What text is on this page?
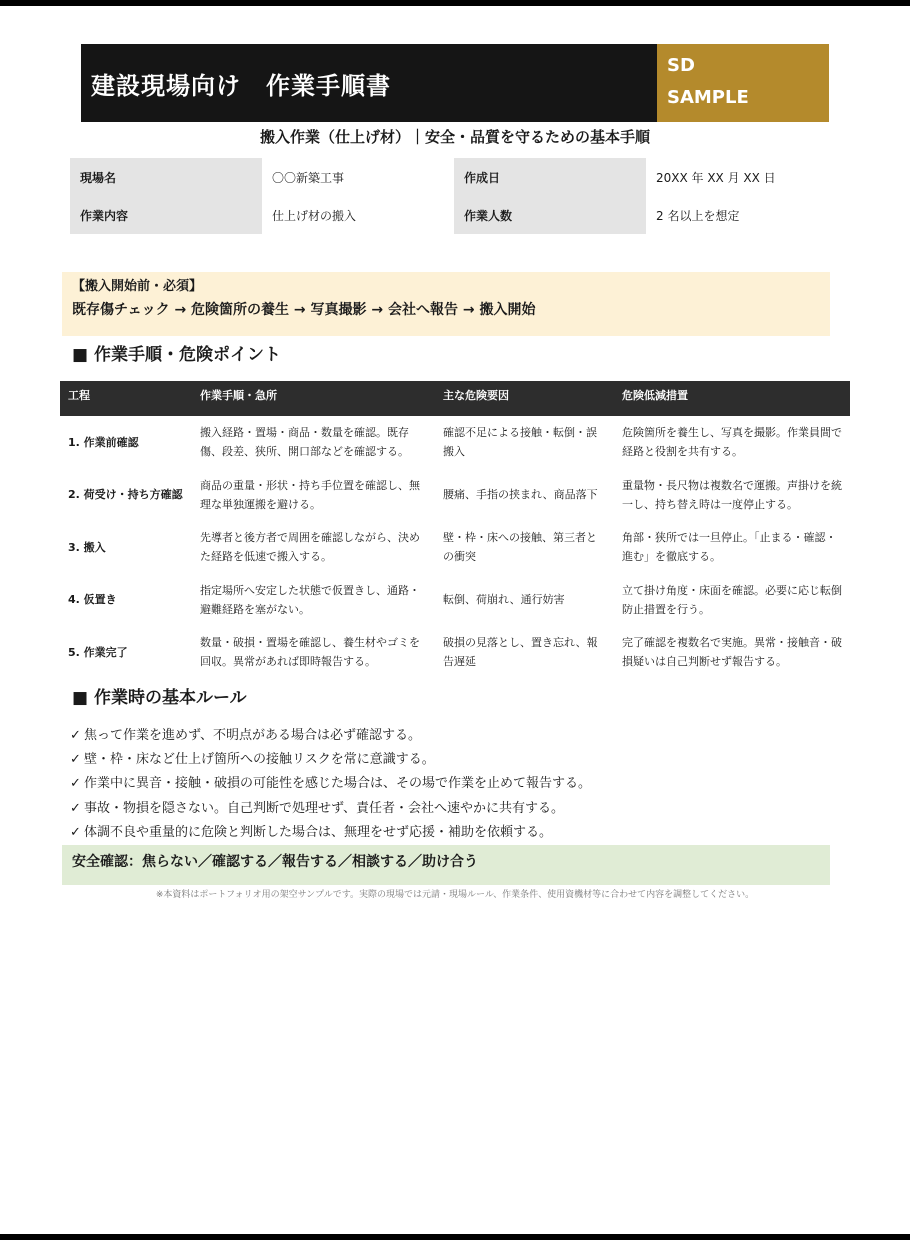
建設現場向け　作業手順書
SD
SAMPLE
搬入作業（仕上げ材）｜安全・品質を守るための基本手順
現場名	〇〇新築工事	作成日	20XX 年 XX 月 XX 日
作業内容	仕上げ材の搬入	作業人数	2 名以上を想定
【搬入開始前・必須】
既存傷チェック → 危険箇所の養生 → 写真撮影 → 会社へ報告 → 搬入開始
■ 作業手順・危険ポイント
工程	作業手順・急所	主な危険要因	危険低減措置
1. 作業前確認	搬入経路・置場・商品・数量を確認。既存傷、段差、狭所、開口部などを確認する。	確認不足による接触・転倒・誤搬入	危険箇所を養生し、写真を撮影。作業員間で経路と役割を共有する。
2. 荷受け・持ち方確認	商品の重量・形状・持ち手位置を確認し、無理な単独運搬を避ける。	腰痛、手指の挟まれ、商品落下	重量物・長尺物は複数名で運搬。声掛けを統一し、持ち替え時は一度停止する。
3. 搬入	先導者と後方者で周囲を確認しながら、決めた経路を低速で搬入する。	壁・枠・床への接触、第三者との衝突	角部・狭所では一旦停止。「止まる・確認・進む」を徹底する。
4. 仮置き	指定場所へ安定した状態で仮置きし、通路・避難経路を塞がない。	転倒、荷崩れ、通行妨害	立て掛け角度・床面を確認。必要に応じ転倒防止措置を行う。
5. 作業完了	数量・破損・置場を確認し、養生材やゴミを回収。異常があれば即時報告する。	破損の見落とし、置き忘れ、報告遅延	完了確認を複数名で実施。異常・接触音・破損疑いは自己判断せず報告する。
■ 作業時の基本ルール
✓ 焦って作業を進めず、不明点がある場合は必ず確認する。
✓ 壁・枠・床など仕上げ箇所への接触リスクを常に意識する。
✓ 作業中に異音・接触・破損の可能性を感じた場合は、その場で作業を止めて報告する。
✓ 事故・物損を隠さない。自己判断で処理せず、責任者・会社へ速やかに共有する。
✓ 体調不良や重量的に危険と判断した場合は、無理をせず応援・補助を依頼する。
安全確認：焦らない／確認する／報告する／相談する／助け合う
※本資料はポートフォリオ用の架空サンプルです。実際の現場では元請・現場ルール、作業条件、使用資機材等に合わせて内容を調整してください。
